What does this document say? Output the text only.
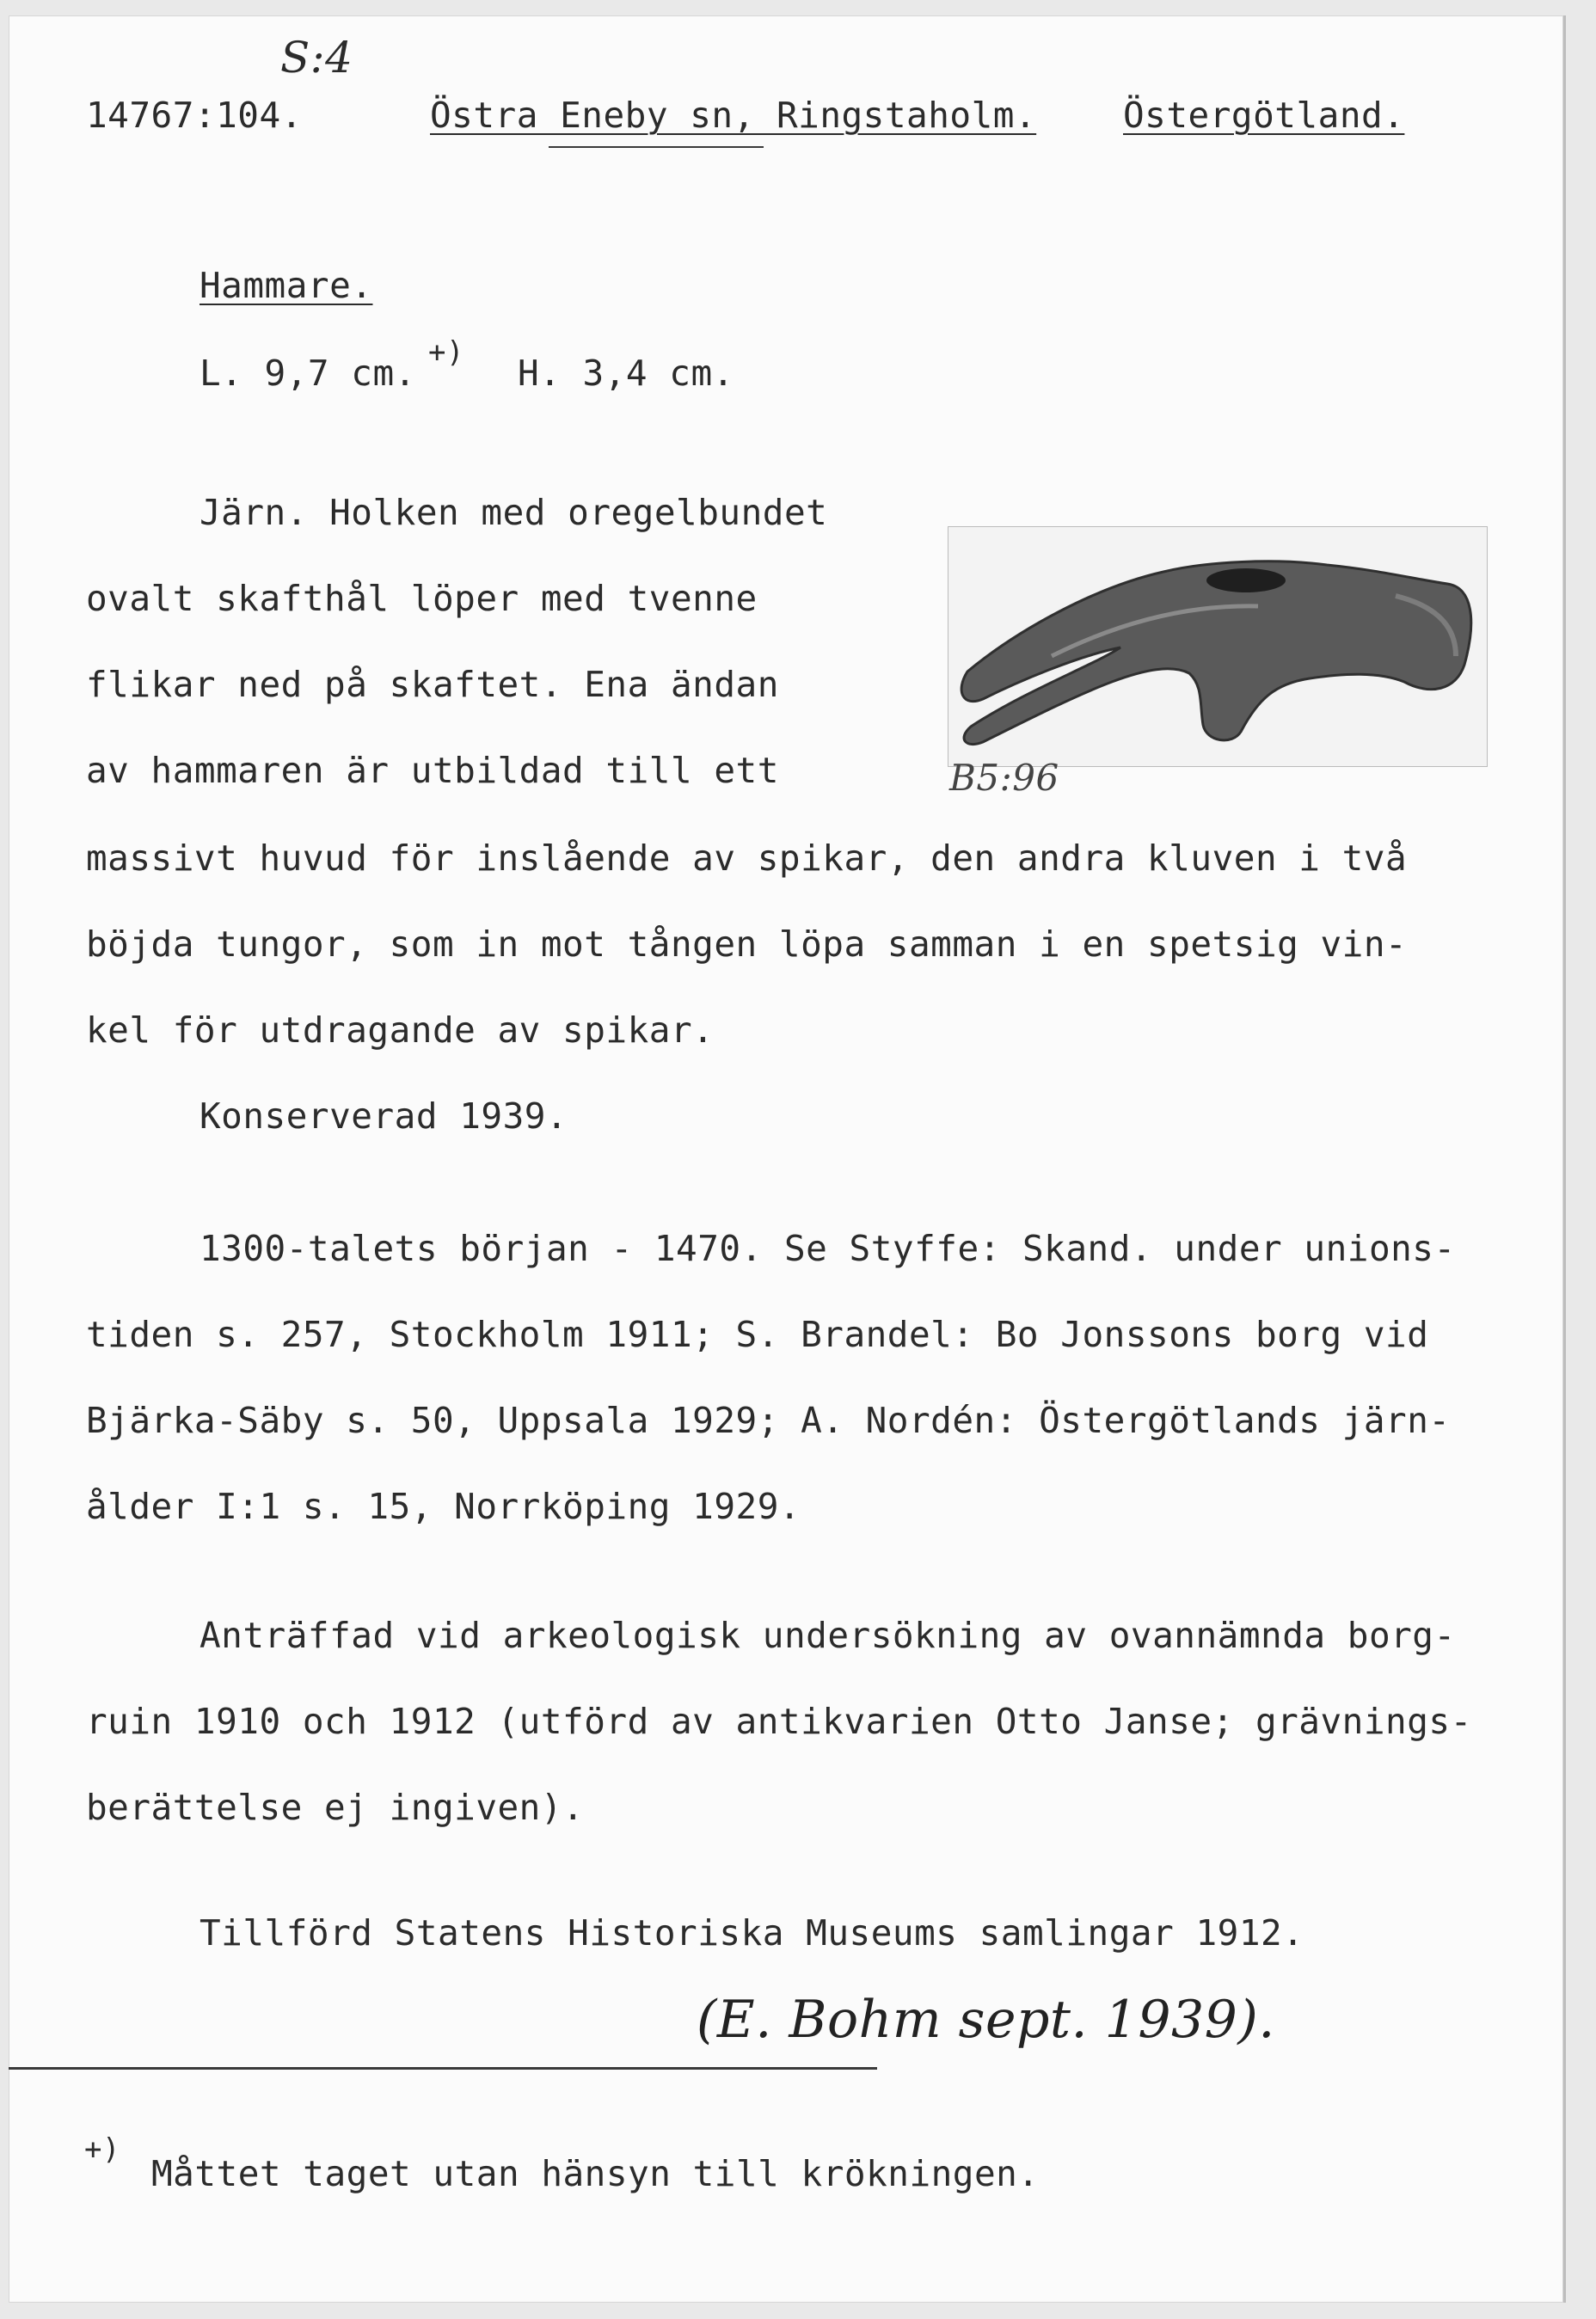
S:4
14767:104.	Östra Eneby sn, Ringstaholm. Östergötland.
Hammare.
L. 9,7 cm. +) H. 3,4 cm.
Järn. Holken med oregelbundet
ovalt skafthål löper med tvenne
flikar ned på skaftet. Ena ändan
av hammaren är utbildad till ett
massivt huvud för inslående av spikar, den andra kluven i två
böjda tungor, som in mot tången löpa samman i en spetsig vin-
kel för utdragande av spikar.
B5:96
Konserverad 1939.
1300-talets början - 1470. Se Styffe: Skand. under unions-
tiden s. 257, Stockholm 1911; S. Brandel: Bo Jonssons borg vid
Bjärka-Säby s. 50, Uppsala 1929; A. Nordén: Östergötlands järn-
ålder I:1 s. 15, Norrköping 1929.
Anträffad vid arkeologisk undersökning av ovannämnda borg-
ruin 1910 och 1912 (utförd av antikvarien Otto Janse; grävnings-
berättelse ej ingiven).
Tillförd Statens Historiska Museums samlingar 1912.
(E. Bohm sept. 1939).
+)
Måttet taget utan hänsyn till krökningen.
